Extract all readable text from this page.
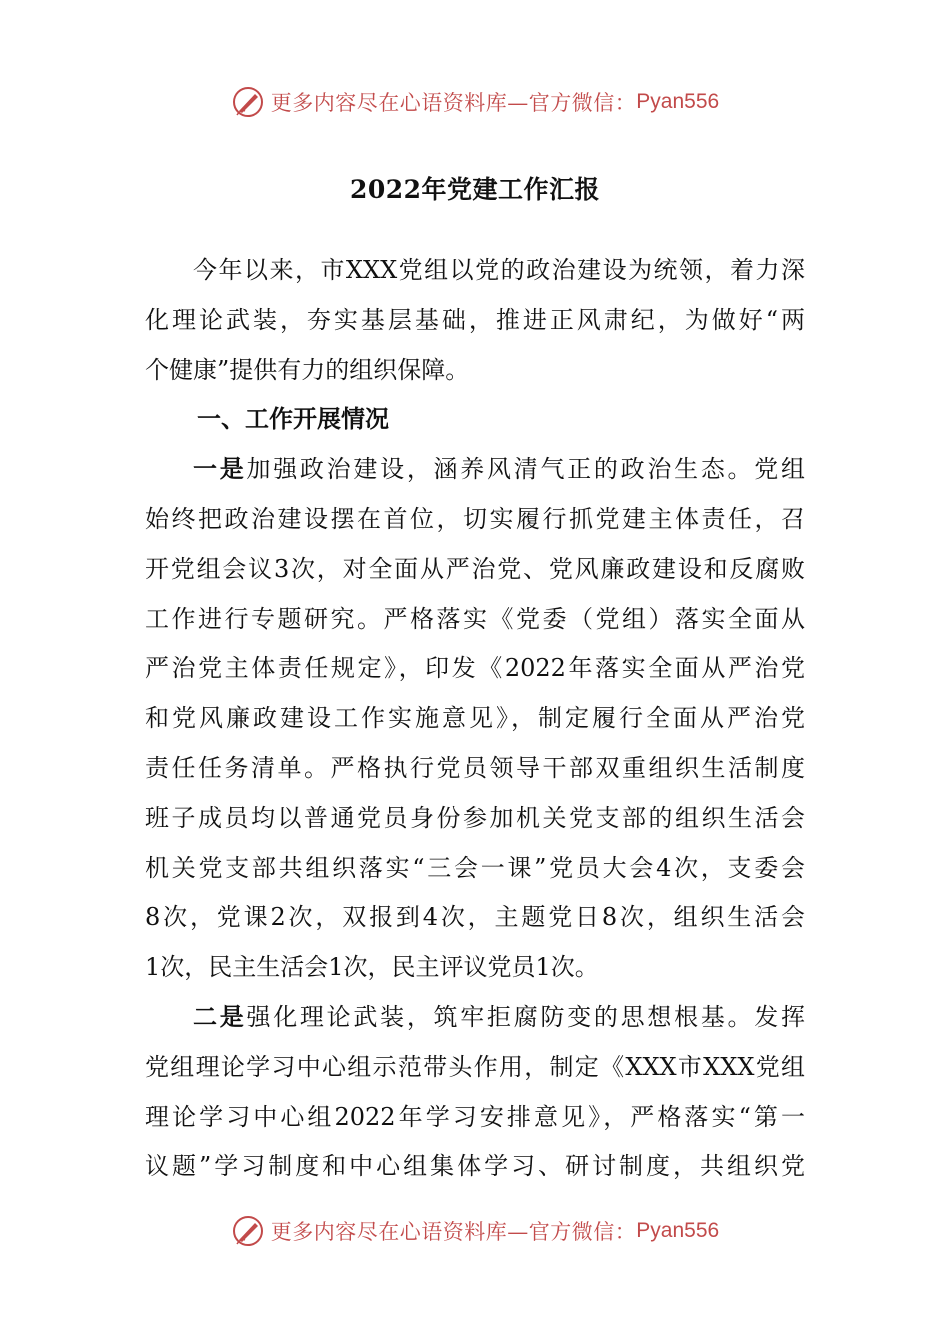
更多内容尽在心语资料库—官方微信： Pyan556
2022年党建工作汇报
今年以来，市XXX党组以党的政治建设为统领，着力深
化理论武装，夯实基层基础，推进正风肃纪，为做好“两
个健康”提供有力的组织保障。
一、工作开展情况
一是加强政治建设，涵养风清气正的政治生态。党组
始终把政治建设摆在首位，切实履行抓党建主体责任，召
开党组会议3次，对全面从严治党、党风廉政建设和反腐败
工作进行专题研究。严格落实《党委（党组）落实全面从
严治党主体责任规定》，印发《2022年落实全面从严治党
和党风廉政建设工作实施意见》，制定履行全面从严治党
责任任务清单。严格执行党员领导干部双重组织生活制度
班子成员均以普通党员身份参加机关党支部的组织生活会
机关党支部共组织落实“三会一课”党员大会4次，支委会
8次，党课2次，双报到4次，主题党日8次，组织生活会
1次，民主生活会1次，民主评议党员1次。
二是强化理论武装，筑牢拒腐防变的思想根基。发挥
党组理论学习中心组示范带头作用，制定《XXX市XXX党组
理论学习中心组2022年学习安排意见》，严格落实“第一
议题”学习制度和中心组集体学习、研讨制度，共组织党
更多内容尽在心语资料库—官方微信： Pyan556
